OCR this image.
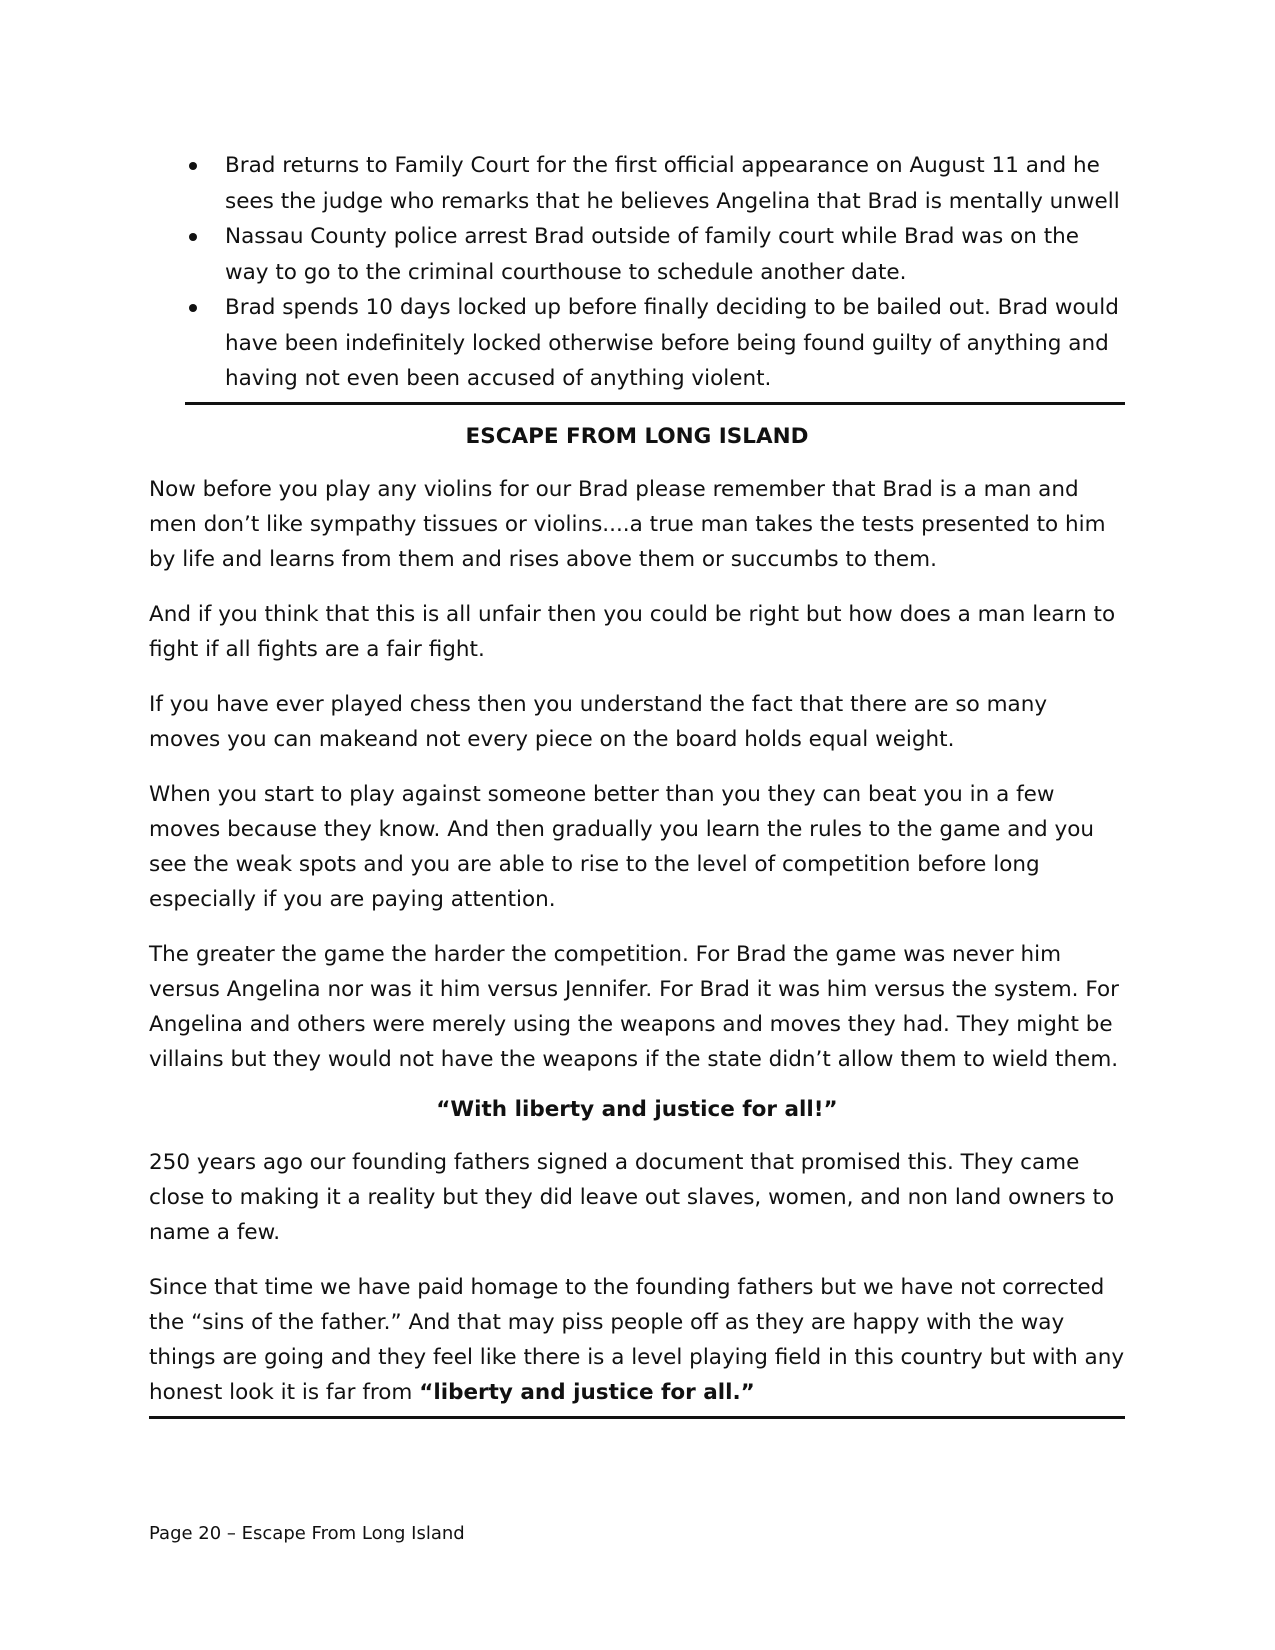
Brad returns to Family Court for the first official appearance on August 11 and he sees the judge who remarks that he believes Angelina that Brad is mentally unwell
Nassau County police arrest Brad outside of family court while Brad was on the way to go to the criminal courthouse to schedule another date.
Brad spends 10 days locked up before finally deciding to be bailed out. Brad would have been indefinitely locked otherwise before being found guilty of anything and having not even been accused of anything violent.
ESCAPE FROM LONG ISLAND

Now before you play any violins for our Brad please remember that Brad is a man and men don’t like sympathy tissues or violins....a true man takes the tests presented to him by life and learns from them and rises above them or succumbs to them.

And if you think that this is all unfair then you could be right but how does a man learn to fight if all fights are a fair fight.

If you have ever played chess then you understand the fact that there are so many moves you can makeand not every piece on the board holds equal weight.

When you start to play against someone better than you they can beat you in a few moves because they know. And then gradually you learn the rules to the game and you see the weak spots and you are able to rise to the level of competition before long especially if you are paying attention.

The greater the game the harder the competition. For Brad the game was never him versus Angelina nor was it him versus Jennifer. For Brad it was him versus the system. For Angelina and others were merely using the weapons and moves they had. They might be villains but they would not have the weapons if the state didn’t allow them to wield them.

“With liberty and justice for all!”

250 years ago our founding fathers signed a document that promised this. They came close to making it a reality but they did leave out slaves, women, and non land owners to name a few.

Since that time we have paid homage to the founding fathers but we have not corrected the “sins of the father.” And that may piss people off as they are happy with the way things are going and they feel like there is a level playing field in this country but with any honest look it is far from “liberty and justice for all.”

Page 20 – Escape From Long Island
